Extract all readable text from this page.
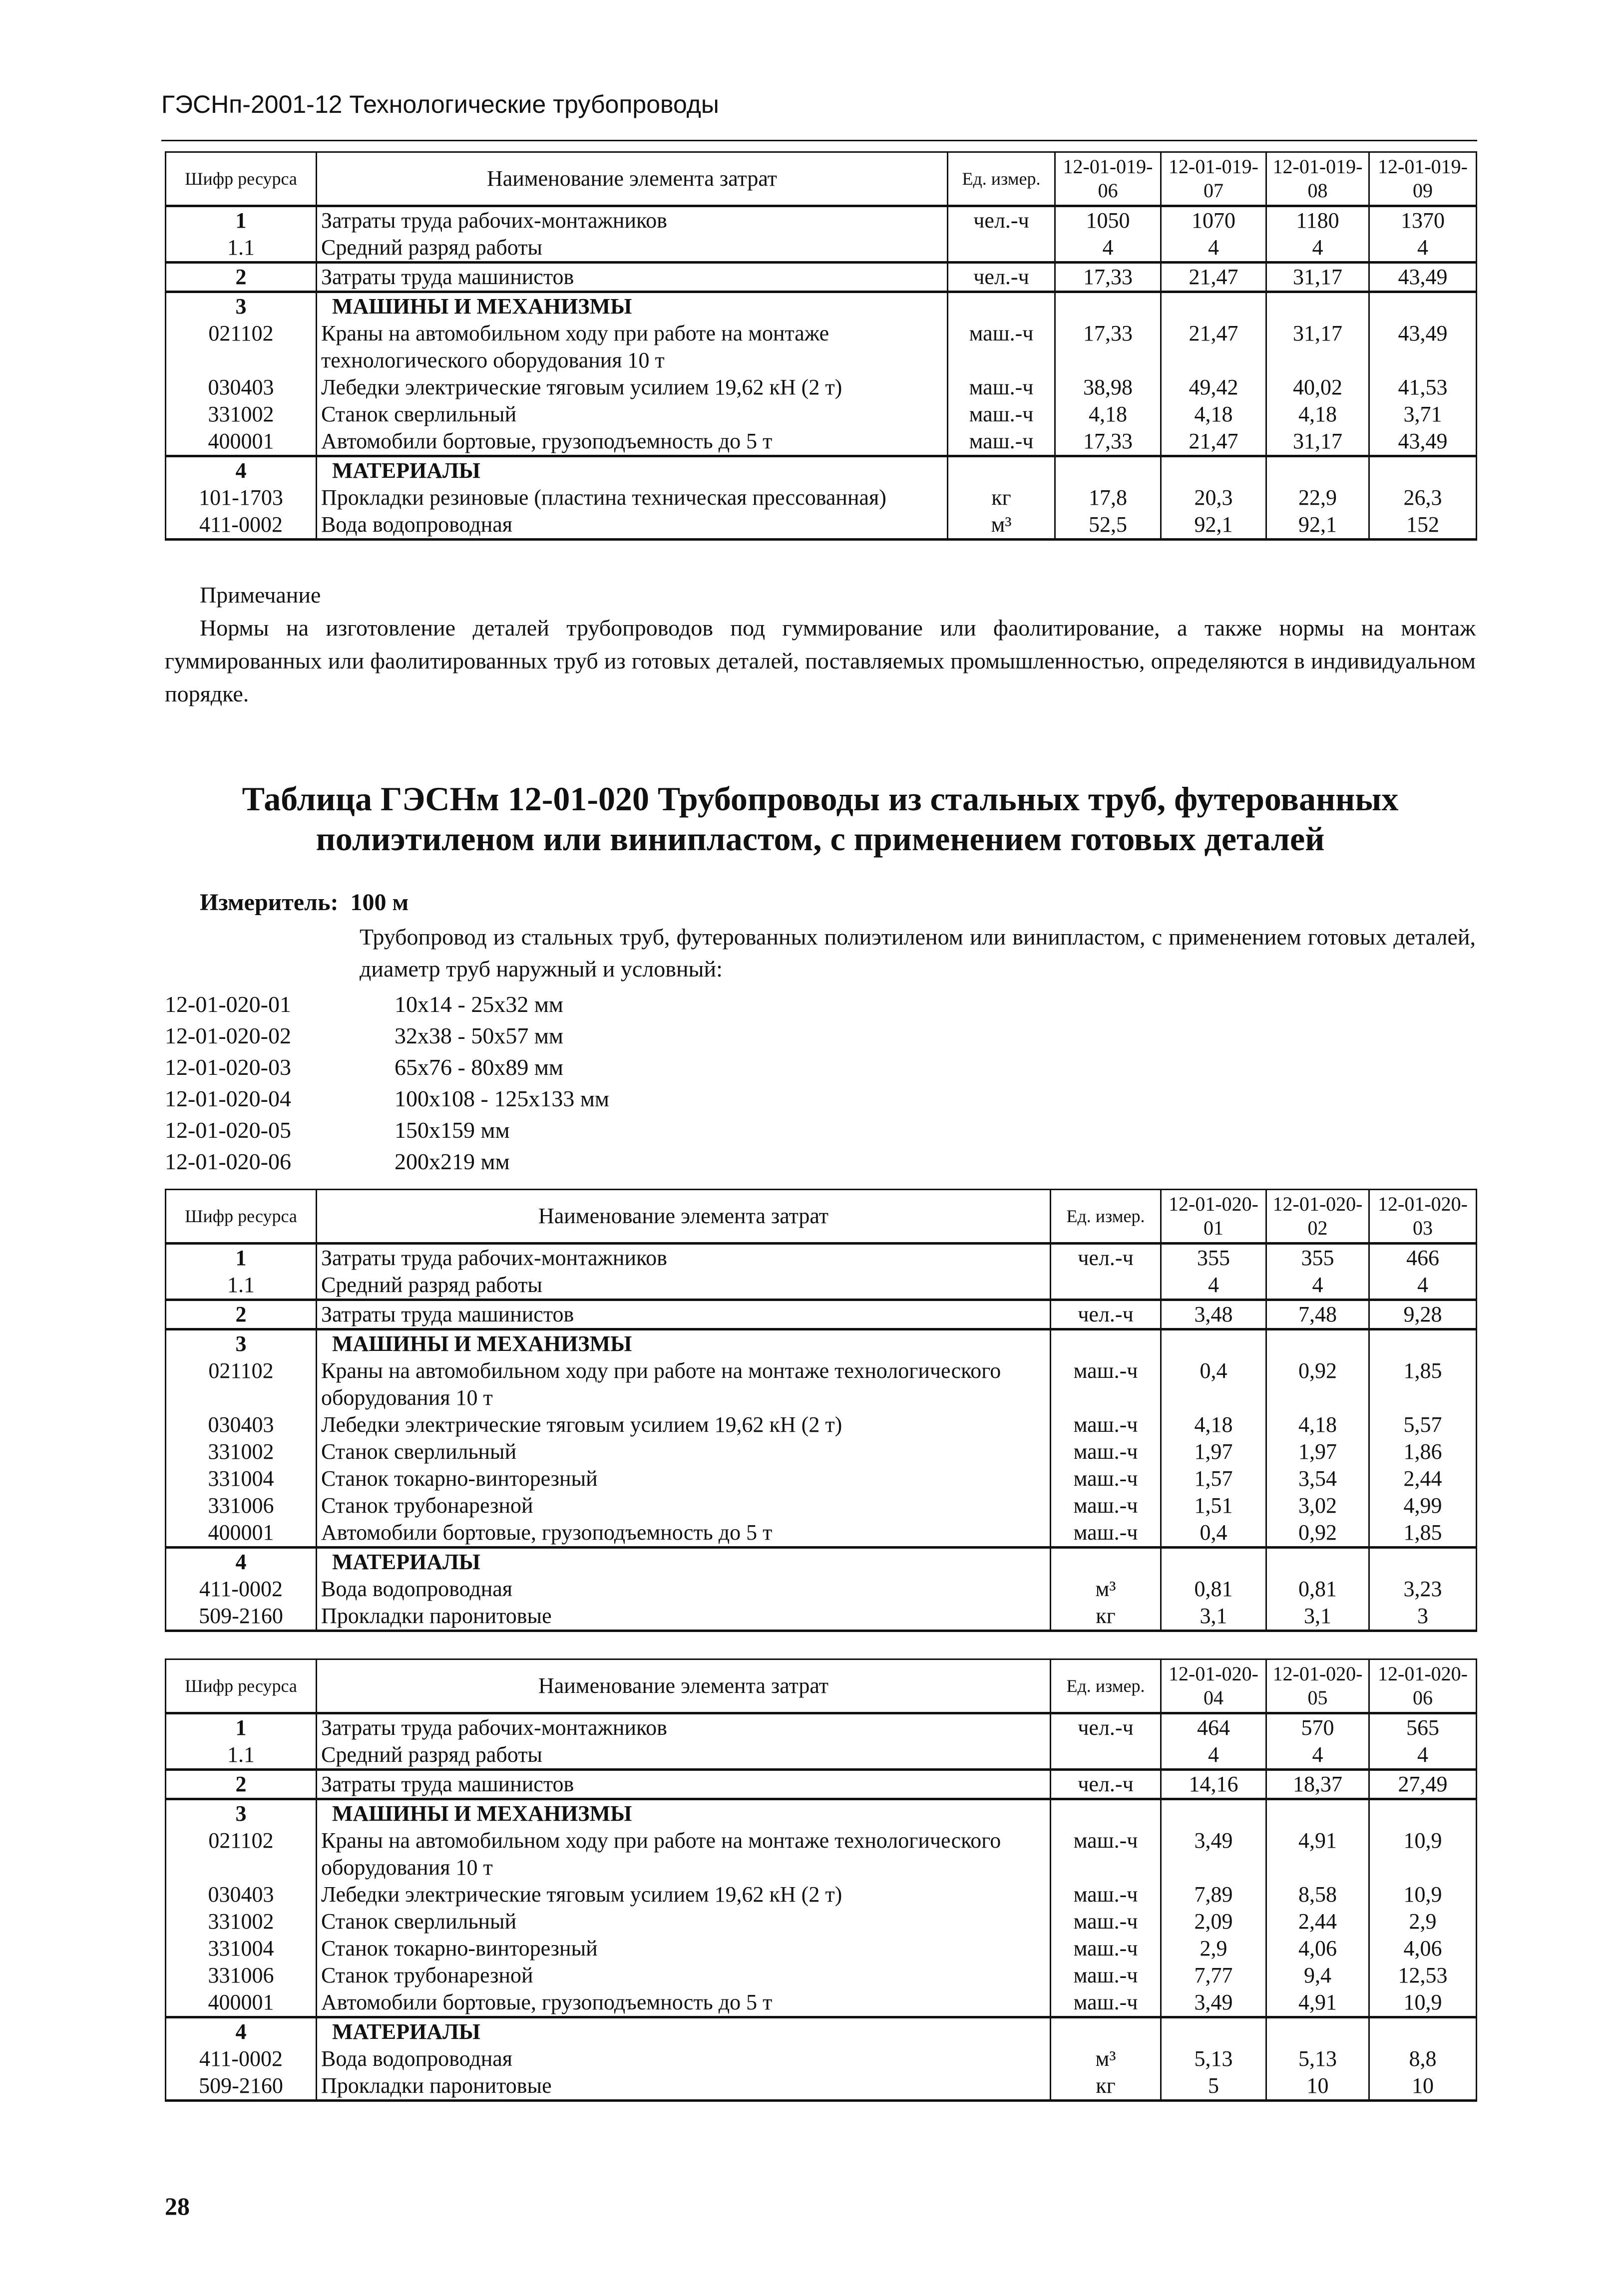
ГЭСНп-2001-12 Технологические трубопроводы
Шифр ресурса	Наименование элемента затрат	Ед. измер.	12-01-019-06	12-01-019-07	12-01-019-08	12-01-019-09
1	Затраты труда рабочих-монтажников	чел.-ч	1050	1070	1180	1370
1.1	Средний разряд работы		4	4	4	4
2	Затраты труда машинистов	чел.-ч	17,33	21,47	31,17	43,49
3	МАШИНЫ И МЕХАНИЗМЫ					
021102	Краны на автомобильном ходу при работе на монтаже технологического оборудования 10 т	маш.-ч	17,33	21,47	31,17	43,49
030403	Лебедки электрические тяговым усилием 19,62 кН (2 т)	маш.-ч	38,98	49,42	40,02	41,53
331002	Станок сверлильный	маш.-ч	4,18	4,18	4,18	3,71
400001	Автомобили бортовые, грузоподъемность до 5 т	маш.-ч	17,33	21,47	31,17	43,49
4	МАТЕРИАЛЫ					
101-1703	Прокладки резиновые (пластина техническая прессованная)	кг	17,8	20,3	22,9	26,3
411-0002	Вода водопроводная	м³	52,5	92,1	92,1	152
Примечание
Нормы на изготовление деталей трубопроводов под гуммирование или фаолитирование, а также нормы на монтаж гуммированных или фаолитированных труб из готовых деталей, поставляемых промышленностью, определяются в индивидуальном порядке.
Таблица ГЭСНм 12-01-020 Трубопроводы из стальных труб, футерованных полиэтиленом или винипластом, с применением готовых деталей
Измеритель: 100 м
Трубопровод из стальных труб, футерованных полиэтиленом или винипластом, с применением готовых деталей, диаметр труб наружный и условный:
12-01-020-01	10x14 - 25x32 мм
12-01-020-02	32x38 - 50x57 мм
12-01-020-03	65x76 - 80x89 мм
12-01-020-04	100x108 - 125x133 мм
12-01-020-05	150x159 мм
12-01-020-06	200x219 мм
Шифр ресурса	Наименование элемента затрат	Ед. измер.	12-01-020-01	12-01-020-02	12-01-020-03
1	Затраты труда рабочих-монтажников	чел.-ч	355	355	466
1.1	Средний разряд работы		4	4	4
2	Затраты труда машинистов	чел.-ч	3,48	7,48	9,28
3	МАШИНЫ И МЕХАНИЗМЫ				
021102	Краны на автомобильном ходу при работе на монтаже технологического оборудования 10 т	маш.-ч	0,4	0,92	1,85
030403	Лебедки электрические тяговым усилием 19,62 кН (2 т)	маш.-ч	4,18	4,18	5,57
331002	Станок сверлильный	маш.-ч	1,97	1,97	1,86
331004	Станок токарно-винторезный	маш.-ч	1,57	3,54	2,44
331006	Станок трубонарезной	маш.-ч	1,51	3,02	4,99
400001	Автомобили бортовые, грузоподъемность до 5 т	маш.-ч	0,4	0,92	1,85
4	МАТЕРИАЛЫ				
411-0002	Вода водопроводная	м³	0,81	0,81	3,23
509-2160	Прокладки паронитовые	кг	3,1	3,1	3
Шифр ресурса	Наименование элемента затрат	Ед. измер.	12-01-020-04	12-01-020-05	12-01-020-06
1	Затраты труда рабочих-монтажников	чел.-ч	464	570	565
1.1	Средний разряд работы		4	4	4
2	Затраты труда машинистов	чел.-ч	14,16	18,37	27,49
3	МАШИНЫ И МЕХАНИЗМЫ				
021102	Краны на автомобильном ходу при работе на монтаже технологического оборудования 10 т	маш.-ч	3,49	4,91	10,9
030403	Лебедки электрические тяговым усилием 19,62 кН (2 т)	маш.-ч	7,89	8,58	10,9
331002	Станок сверлильный	маш.-ч	2,09	2,44	2,9
331004	Станок токарно-винторезный	маш.-ч	2,9	4,06	4,06
331006	Станок трубонарезной	маш.-ч	7,77	9,4	12,53
400001	Автомобили бортовые, грузоподъемность до 5 т	маш.-ч	3,49	4,91	10,9
4	МАТЕРИАЛЫ				
411-0002	Вода водопроводная	м³	5,13	5,13	8,8
509-2160	Прокладки паронитовые	кг	5	10	10
28
